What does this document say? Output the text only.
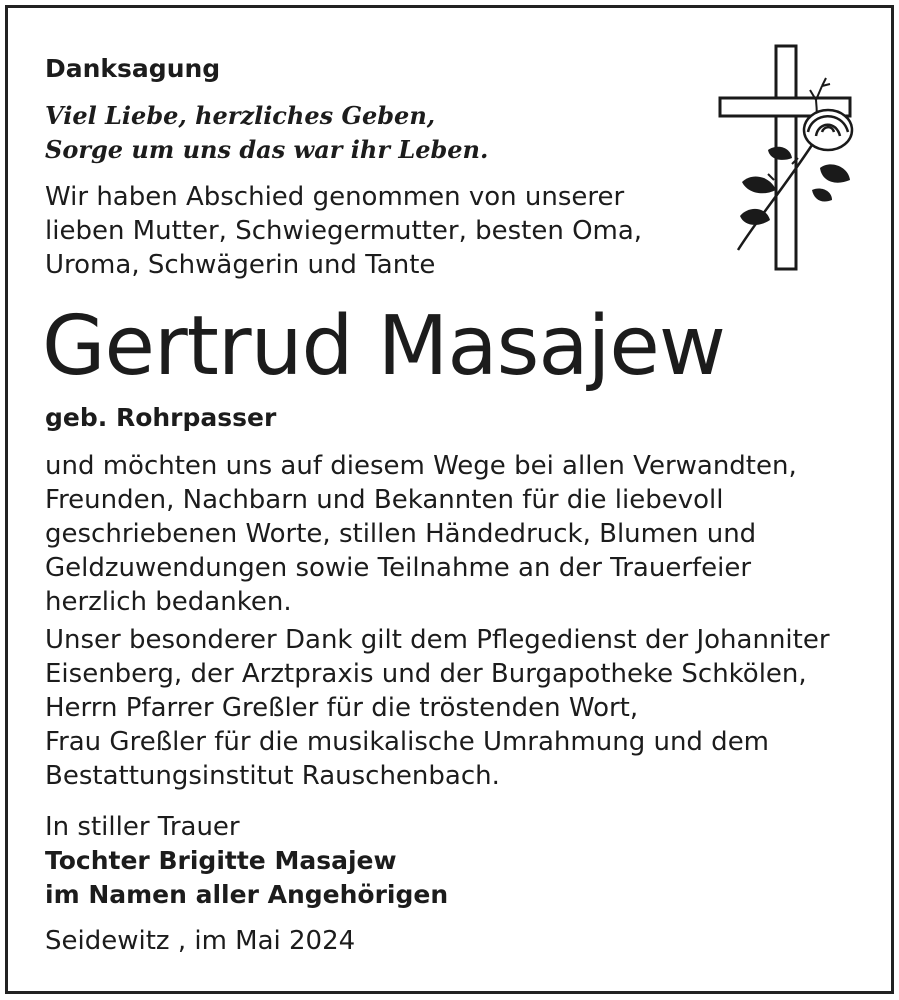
Danksagung
Viel Liebe, herzliches Geben,
Sorge um uns das war ihr Leben.
Wir haben Abschied genommen von unserer
lieben Mutter, Schwiegermutter, besten Oma,
Uroma, Schwägerin und Tante
Gertrud Masajew
geb. Rohrpasser
und möchten uns auf diesem Wege bei allen Verwandten,
Freunden, Nachbarn und Bekannten für die liebevoll
geschriebenen Worte, stillen Händedruck, Blumen und
Geldzuwendungen sowie Teilnahme an der Trauerfeier
herzlich bedanken.
Unser besonderer Dank gilt dem Pflegedienst der Johanniter
Eisenberg, der Arztpraxis und der Burgapotheke Schkölen,
Herrn Pfarrer Greßler für die tröstenden Wort,
Frau Greßler für die musikalische Umrahmung und dem
Bestattungsinstitut Rauschenbach.
In stiller Trauer
Tochter Brigitte Masajew
im Namen aller Angehörigen
Seidewitz , im Mai 2024
